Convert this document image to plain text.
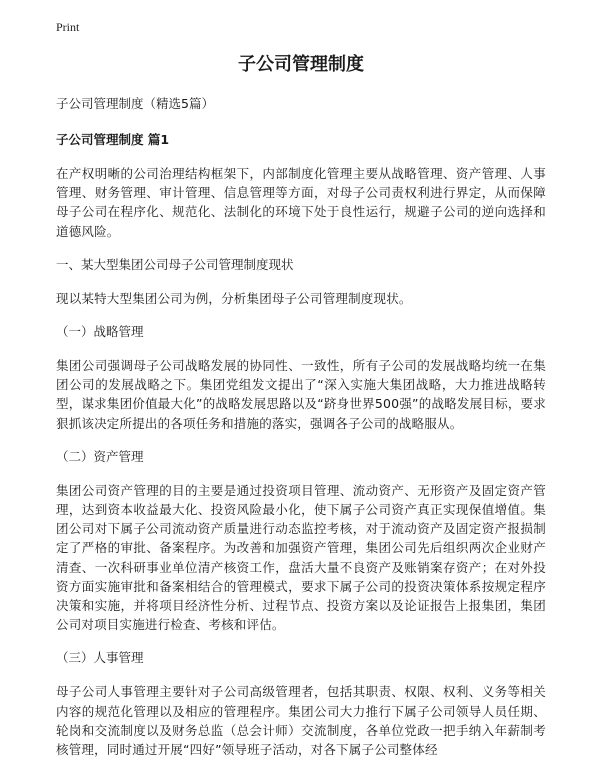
Print
子公司管理制度
子公司管理制度（精选5篇）
子公司管理制度 篇1

在产权明晰的公司治理结构框架下，内部制度化管理主要从战略管理、资产管理、人事管理、财务管理、审计管理、信息管理等方面，对母子公司责权利进行界定，从而保障母子公司在程序化、规范化、法制化的环境下处于良性运行，规避子公司的逆向选择和道德风险。

一、某大型集团公司母子公司管理制度现状

现以某特大型集团公司为例，分析集团母子公司管理制度现状。

（一）战略管理

集团公司强调母子公司战略发展的协同性、一致性，所有子公司的发展战略均统一在集团公司的发展战略之下。集团党组发文提出了“深入实施大集团战略，大力推进战略转型，谋求集团价值最大化”的战略发展思路以及“跻身世界500强”的战略发展目标，要求狠抓该决定所提出的各项任务和措施的落实，强调各子公司的战略服从。

（二）资产管理

集团公司资产管理的目的主要是通过投资项目管理、流动资产、无形资产及固定资产管理，达到资本收益最大化、投资风险最小化，使下属子公司资产真正实现保值增值。集团公司对下属子公司流动资产质量进行动态监控考核，对于流动资产及固定资产报损制定了严格的审批、备案程序。为改善和加强资产管理，集团公司先后组织两次企业财产清查、一次科研事业单位清产核资工作，盘活大量不良资产及账销案存资产；在对外投资方面实施审批和备案相结合的管理模式，要求下属子公司的投资决策体系按规定程序决策和实施，并将项目经济性分析、过程节点、投资方案以及论证报告上报集团，集团公司对项目实施进行检查、考核和评估。

（三）人事管理

母子公司人事管理主要针对子公司高级管理者，包括其职责、权限、权利、义务等相关内容的规范化管理以及相应的管理程序。集团公司大力推行下属子公司领导人员任期、轮岗和交流制度以及财务总监（总会计师）交流制度，各单位党政一把手纳入年薪制考核管理，同时通过开展“四好”领导班子活动，对各下属子公司整体经
